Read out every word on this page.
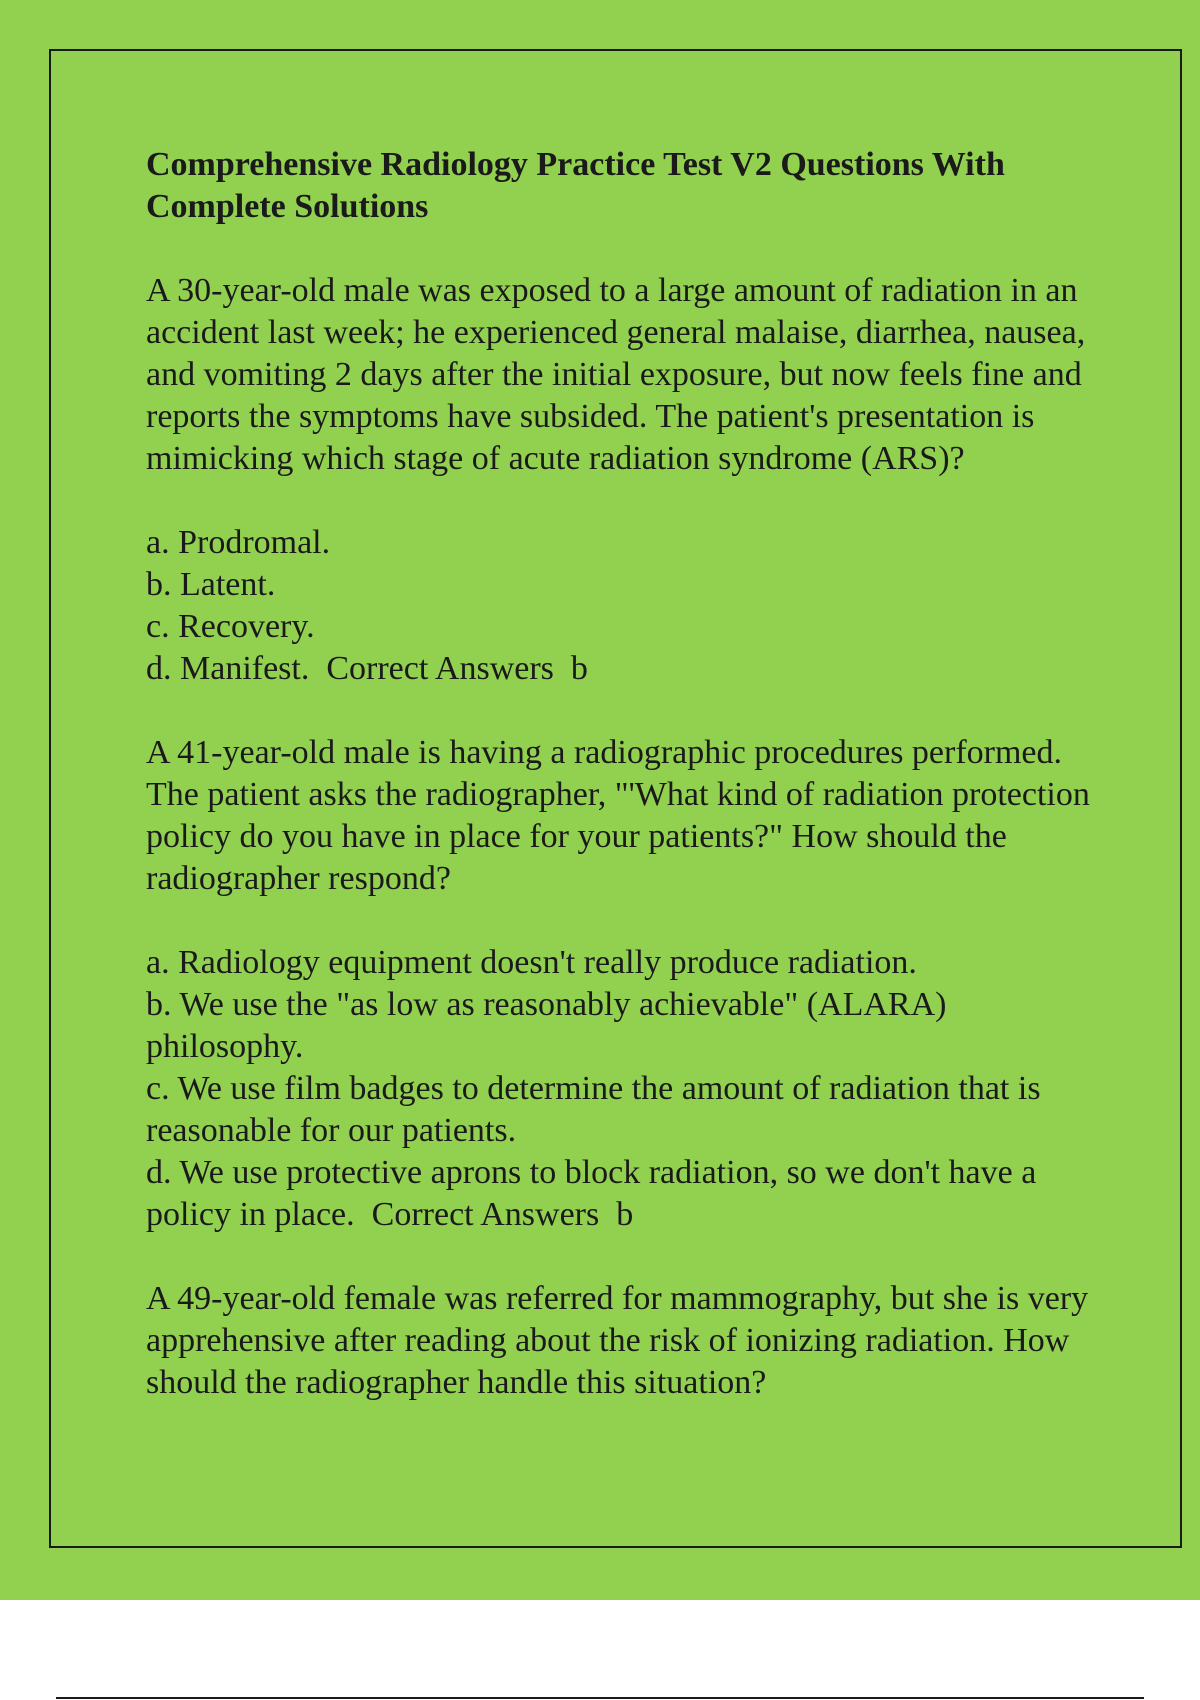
Comprehensive Radiology Practice Test V2 Questions With Complete Solutions
A 30-year-old male was exposed to a large amount of radiation in an accident last week; he experienced general malaise, diarrhea, nausea, and vomiting 2 days after the initial exposure, but now feels fine and reports the symptoms have subsided. The patient's presentation is mimicking which stage of acute radiation syndrome (ARS)?
a. Prodromal.
b. Latent.
c. Recovery.
d. Manifest. Correct Answers b
A 41-year-old male is having a radiographic procedures performed. The patient asks the radiographer, "'What kind of radiation protection policy do you have in place for your patients?" How should the radiographer respond?
a. Radiology equipment doesn't really produce radiation.
b. We use the "as low as reasonably achievable" (ALARA) philosophy.
c. We use film badges to determine the amount of radiation that is reasonable for our patients.
d. We use protective aprons to block radiation, so we don't have a policy in place. Correct Answers b
A 49-year-old female was referred for mammography, but she is very apprehensive after reading about the risk of ionizing radiation. How should the radiographer handle this situation?
